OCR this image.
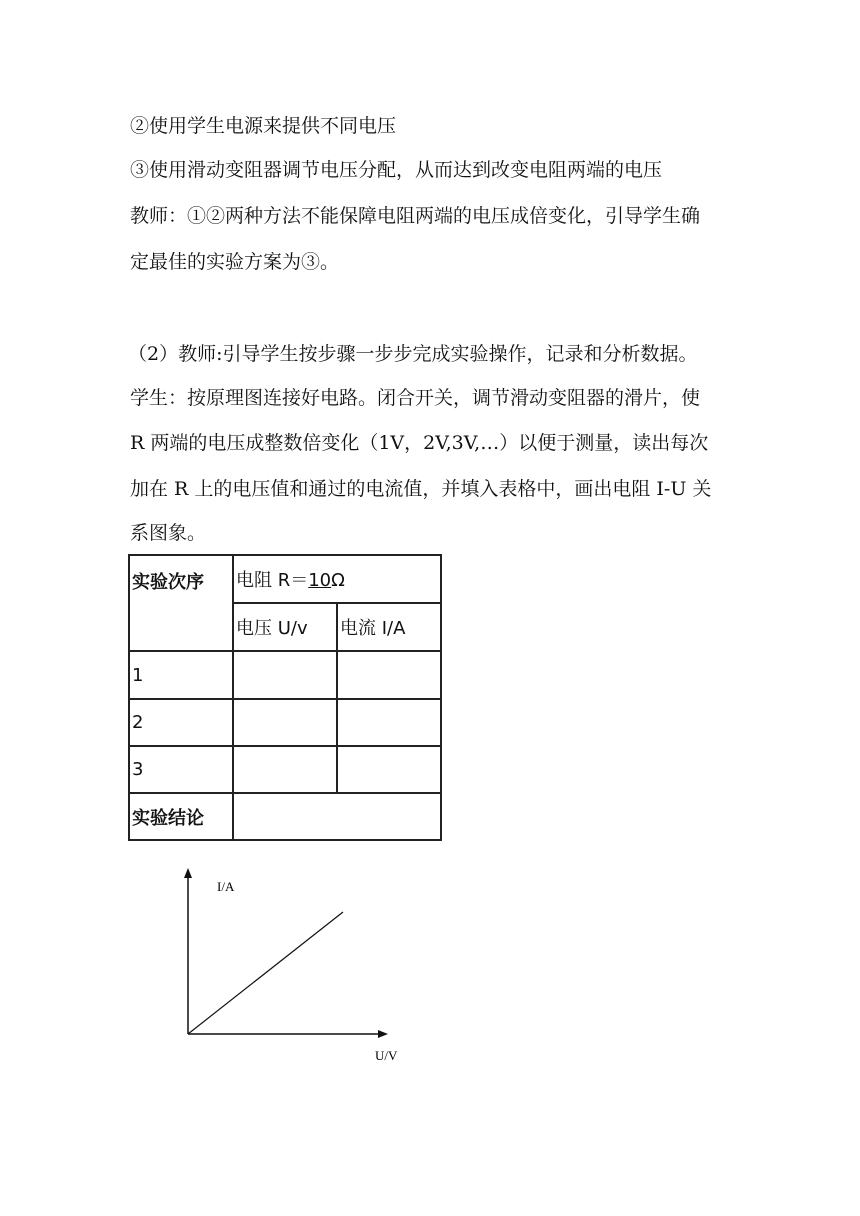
②使用学生电源来提供不同电压
③使用滑动变阻器调节电压分配，从而达到改变电阻两端的电压
教师：①②两种方法不能保障电阻两端的电压成倍变化，引导学生确
定最佳的实验方案为③。
（2）教师:引导学生按步骤一步步完成实验操作，记录和分析数据。
学生：按原理图连接好电路。闭合开关，调节滑动变阻器的滑片，使
R 两端的电压成整数倍变化（1V，2V,3V,…）以便于测量，读出每次
加在 R 上的电压值和通过的电流值，并填入表格中，画出电阻 I-U 关
系图象。
实验次序	电阻 R＝10Ω	
	电压 U/v	电流 I/A
1		
2		
3		
实验结论		
I/A
U/V
